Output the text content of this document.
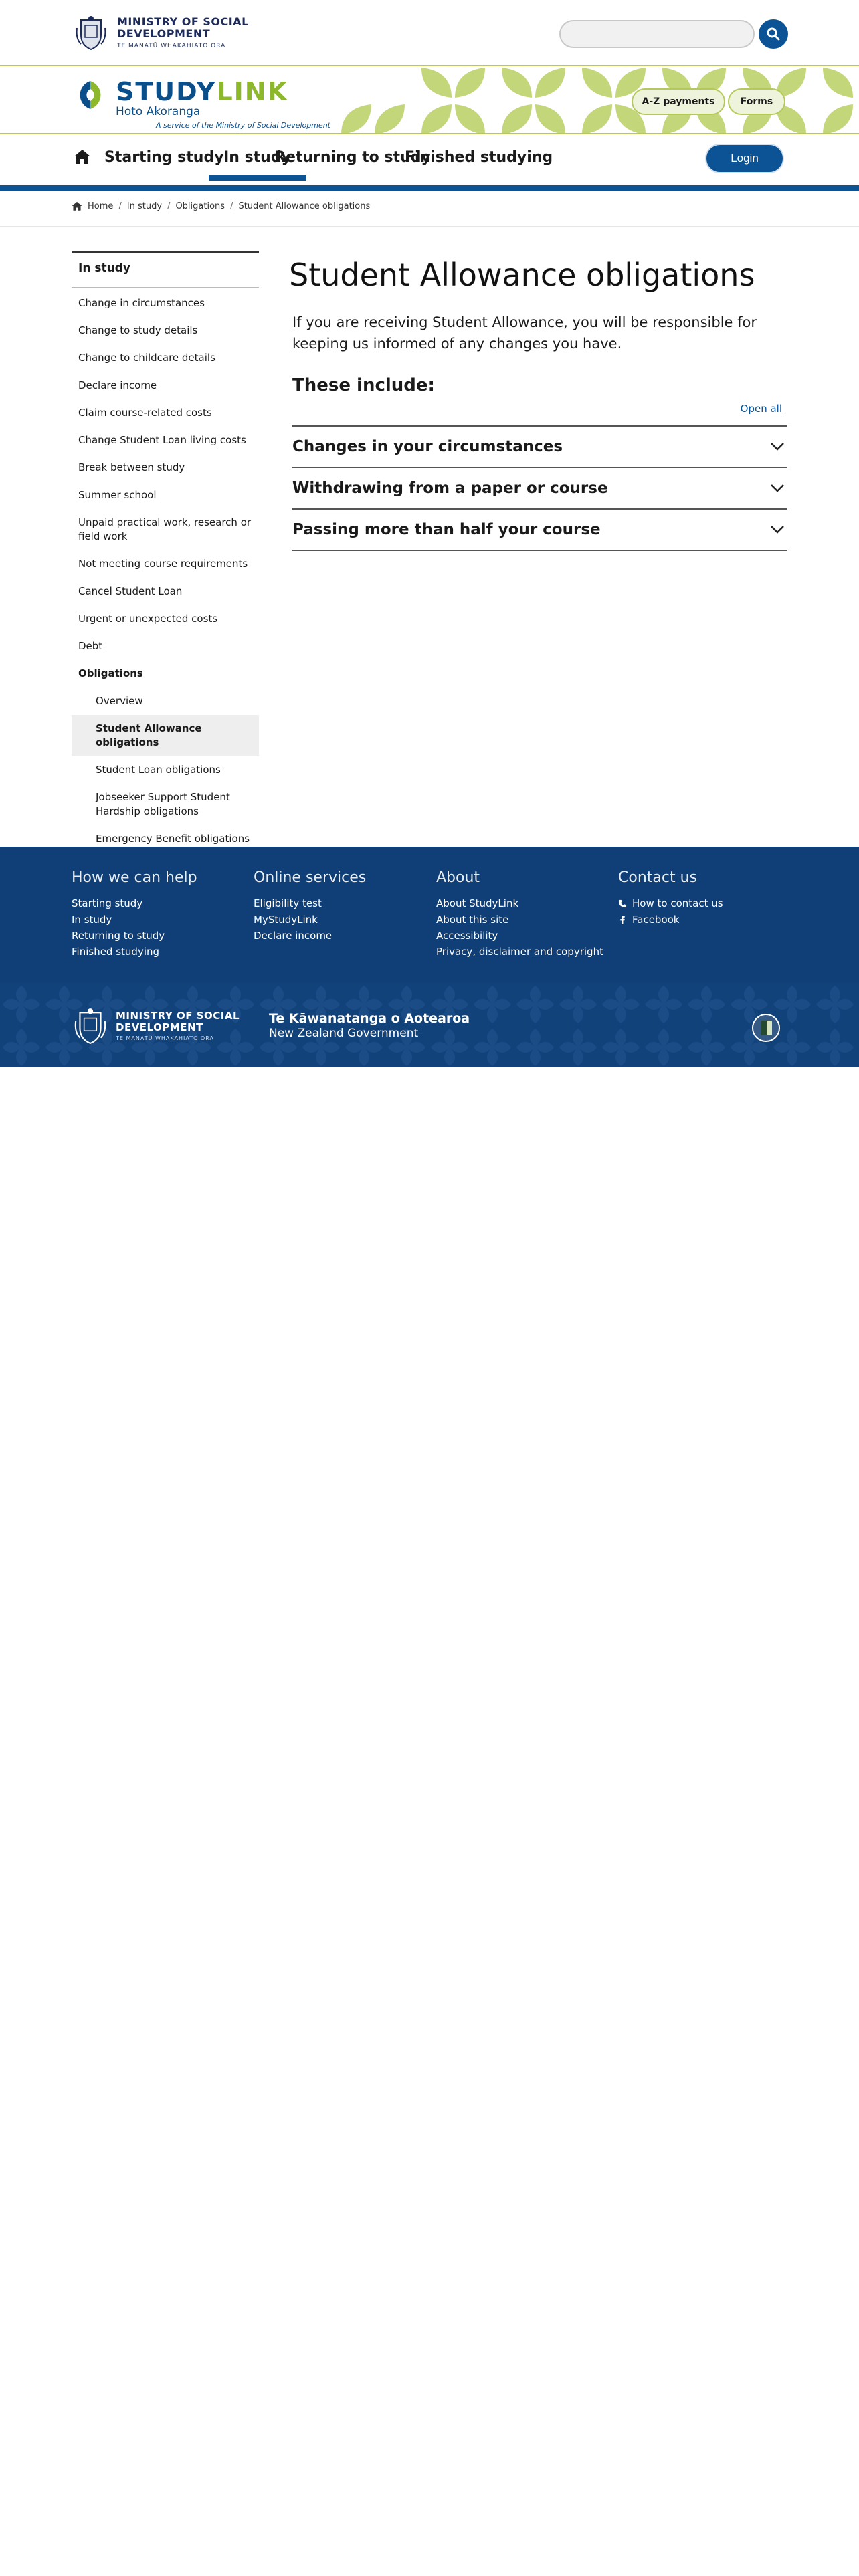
MINISTRY OF SOCIAL
DEVELOPMENT
TE MANATŪ WHAKAHIATO ORA
STUDYLINK
Hoto Akoranga
A service of the Ministry of Social Development
A-Z payments	Forms
Starting study In study
Returning to study
Finished studying	Login
Home / In study / Obligations / Student Allowance obligations
In study
Change in circumstances
Change to study details
Change to childcare details
Declare income
Claim course-related costs
Change Student Loan living costs
Break between study
Summer school
Unpaid practical work, research or field work
Not meeting course requirements
Cancel Student Loan
Urgent or unexpected costs
Debt
Obligations
Overview
Student Allowance obligations
Student Loan obligations
Jobseeker Support Student Hardship obligations
Emergency Benefit obligations
Student Allowance obligations

If you are receiving Student Allowance, you will be responsible for keeping us informed of any changes you have.

These include:
Open all
Changes in your circumstances
Withdrawing from a paper or course
Passing more than half your course
How we can help
Starting study
In study
Returning to study
Finished studying
Online services
Eligibility test
MyStudyLink
Declare income
About
About StudyLink
About this site
Accessibility
Privacy, disclaimer and copyright
Contact us
How to contact us
Facebook
MINISTRY OF SOCIAL
DEVELOPMENT
TE MANATŪ WHAKAHIATO ORA
Te Kāwanatanga o Aotearoa
New Zealand Government
